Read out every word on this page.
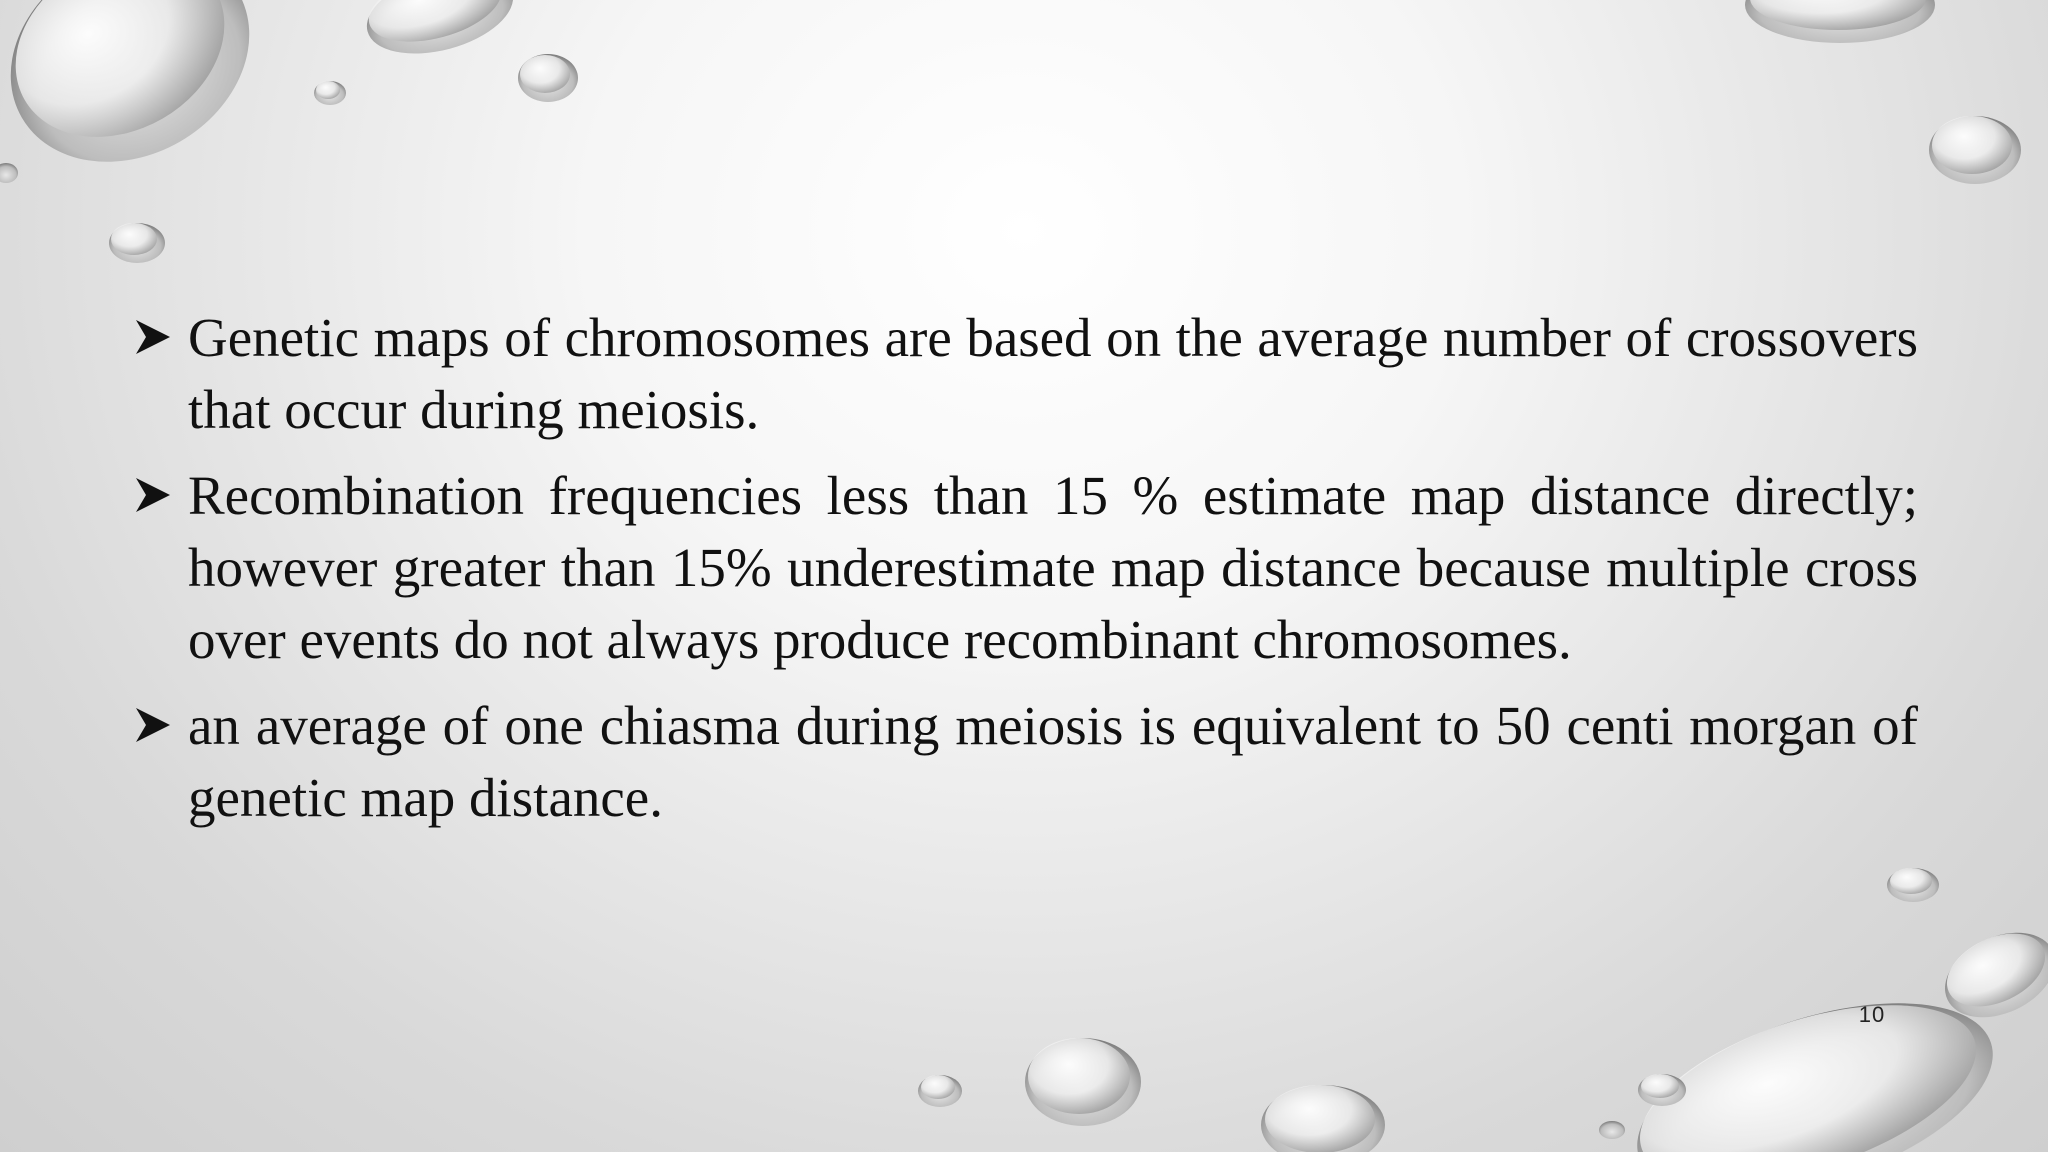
Genetic maps of chromosomes are based on the average number of crossovers that occur during meiosis.
Recombination frequencies less than 15 % estimate map distance directly; however greater than 15% underestimate map distance because multiple cross over events do not always produce recombinant chromosomes.
an average of one chiasma during meiosis is equivalent to 50 centi morgan of genetic map distance.
10
